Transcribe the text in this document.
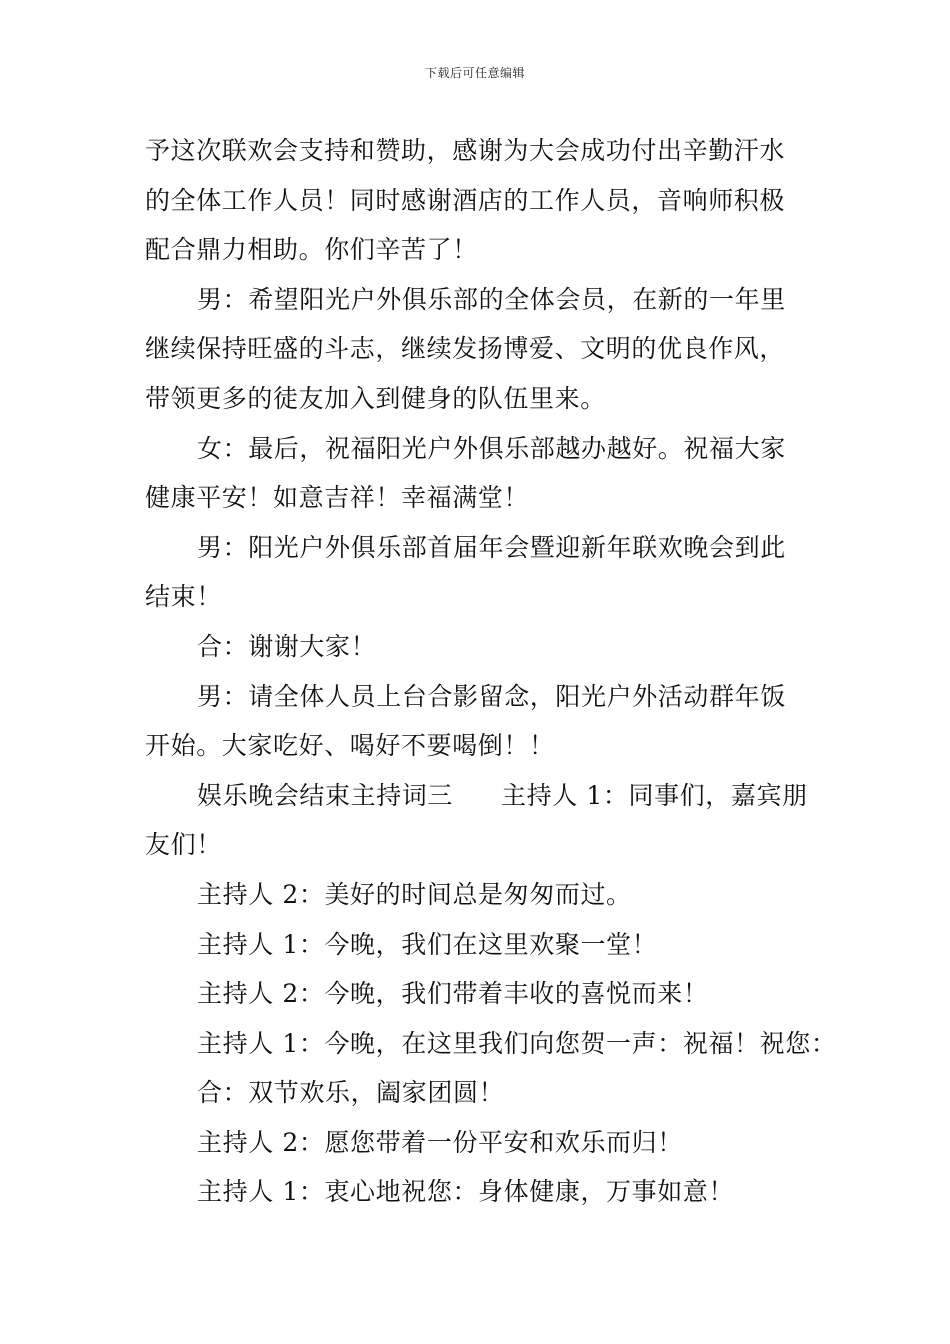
下载后可任意编辑
予这次联欢会支持和赞助，感谢为大会成功付出辛勤汗水
的全体工作人员！同时感谢酒店的工作人员，音响师积极
配合鼎力相助。你们辛苦了！
男：希望阳光户外俱乐部的全体会员，在新的一年里
继续保持旺盛的斗志，继续发扬博爱、文明的优良作风，
带领更多的徒友加入到健身的队伍里来。
女：最后，祝福阳光户外俱乐部越办越好。祝福大家
健康平安！如意吉祥！幸福满堂！
男：阳光户外俱乐部首届年会暨迎新年联欢晚会到此
结束！
合：谢谢大家！
男：请全体人员上台合影留念，阳光户外活动群年饭
开始。大家吃好、喝好不要喝倒！！
娱乐晚会结束主持词三 主持人 1：同事们，嘉宾朋
友们！
主持人 2：美好的时间总是匆匆而过。
主持人 1：今晚，我们在这里欢聚一堂！
主持人 2：今晚，我们带着丰收的喜悦而来！
主持人 1：今晚，在这里我们向您贺一声：祝福！祝您：
合：双节欢乐，阖家团圆！
主持人 2：愿您带着一份平安和欢乐而归！
主持人 1：衷心地祝您：身体健康，万事如意！
